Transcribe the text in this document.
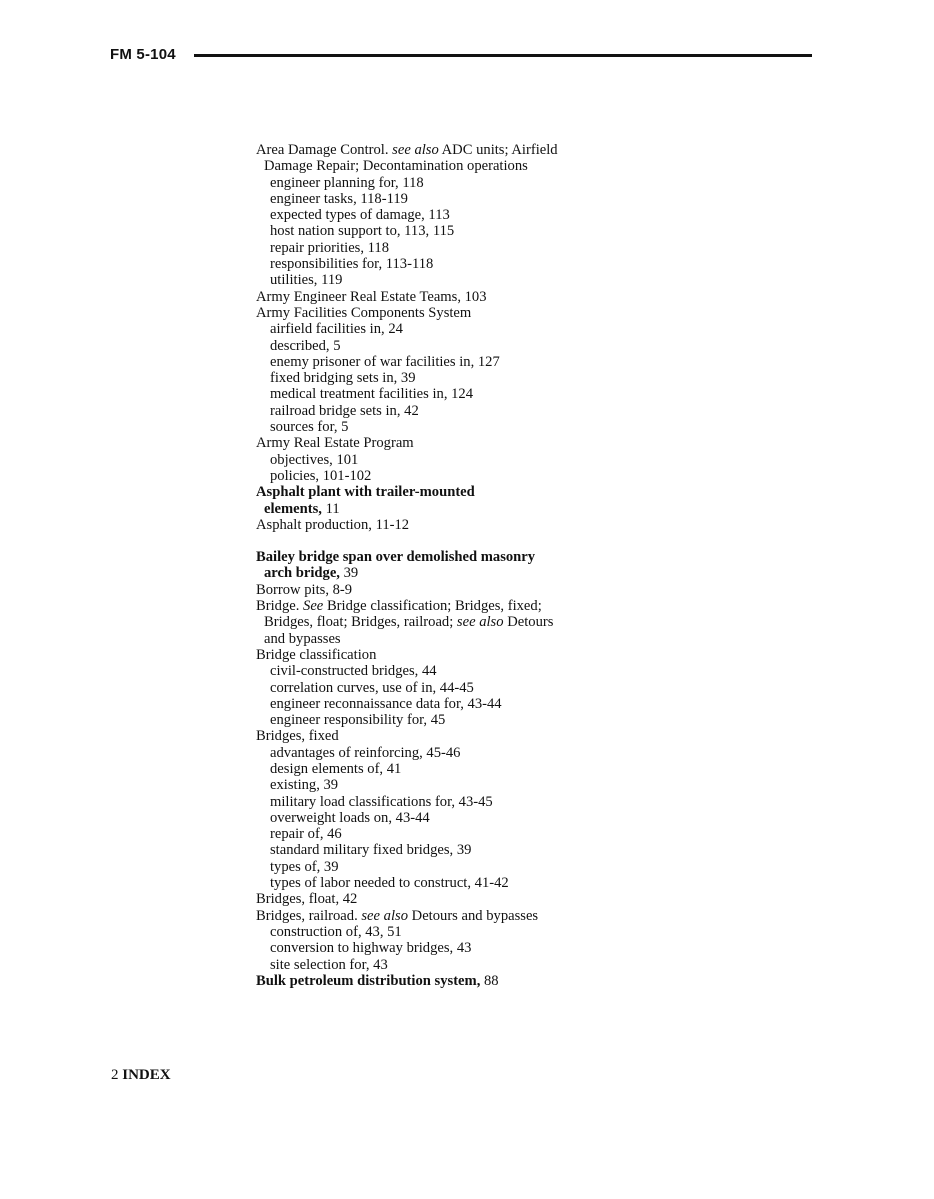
FM 5-104
Area Damage Control. see also ADC units; Airfield
Damage Repair; Decontamination operations
engineer planning for, 118
engineer tasks, 118-119
expected types of damage, 113
host nation support to, 113, 115
repair priorities, 118
responsibilities for, 113-118
utilities, 119
Army Engineer Real Estate Teams, 103
Army Facilities Components System
airfield facilities in, 24
described, 5
enemy prisoner of war facilities in, 127
fixed bridging sets in, 39
medical treatment facilities in, 124
railroad bridge sets in, 42
sources for, 5
Army Real Estate Program
objectives, 101
policies, 101-102
Asphalt plant with trailer-mounted
elements, 11
Asphalt production, 11-12
Bailey bridge span over demolished masonry
arch bridge, 39
Borrow pits, 8-9
Bridge. See Bridge classification; Bridges, fixed;
Bridges, float; Bridges, railroad; see also Detours
and bypasses
Bridge classification
civil-constructed bridges, 44
correlation curves, use of in, 44-45
engineer reconnaissance data for, 43-44
engineer responsibility for, 45
Bridges, fixed
advantages of reinforcing, 45-46
design elements of, 41
existing, 39
military load classifications for, 43-45
overweight loads on, 43-44
repair of, 46
standard military fixed bridges, 39
types of, 39
types of labor needed to construct, 41-42
Bridges, float, 42
Bridges, railroad. see also Detours and bypasses
construction of, 43, 51
conversion to highway bridges, 43
site selection for, 43
Bulk petroleum distribution system, 88
2 INDEX
